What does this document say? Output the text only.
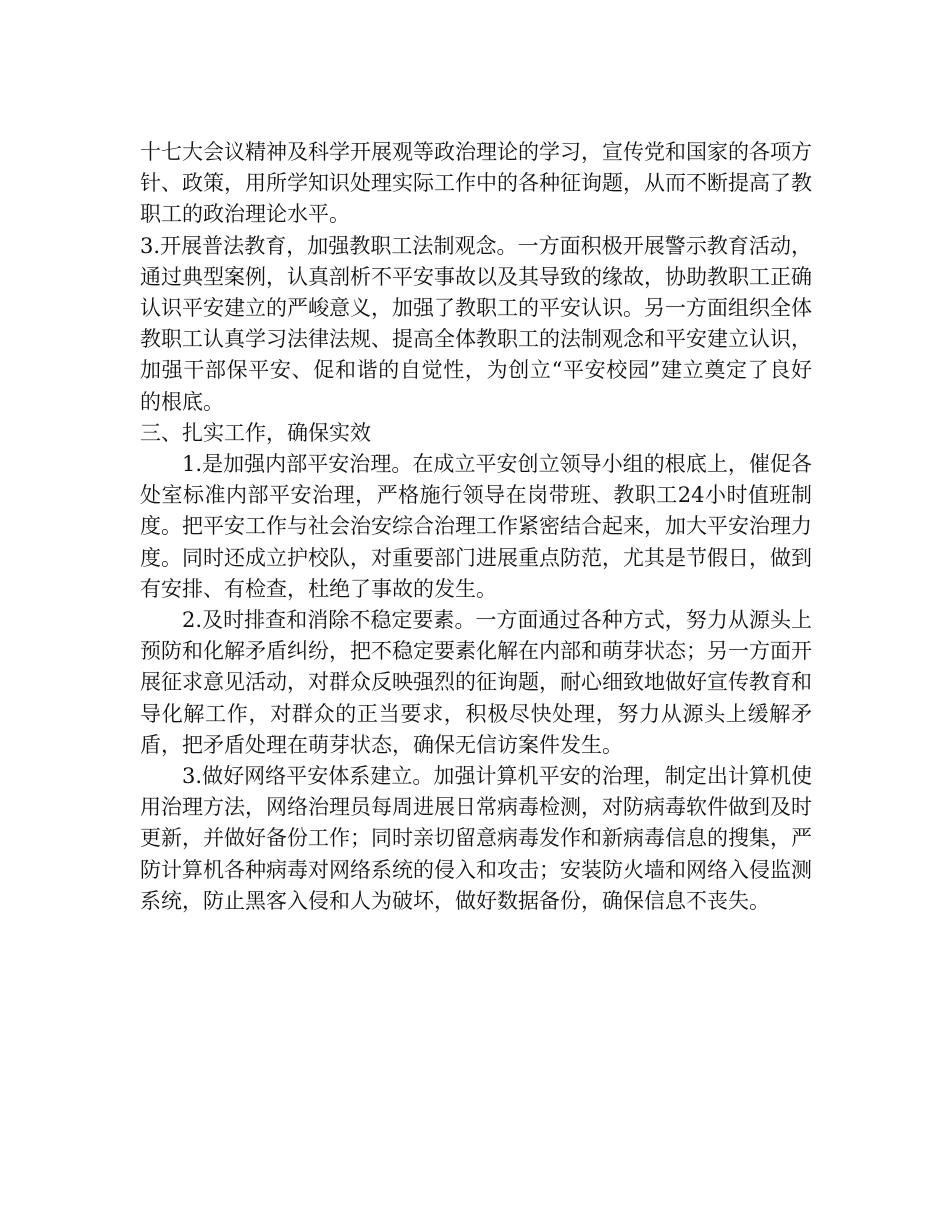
十七大会议精神及科学开展观等政治理论的学习，宣传党和国家的各项方针、政策，用所学知识处理实际工作中的各种征询题，从而不断提高了教职工的政治理论水平。

3.开展普法教育，加强教职工法制观念。一方面积极开展警示教育活动，通过典型案例，认真剖析不平安事故以及其导致的缘故，协助教职工正确认识平安建立的严峻意义，加强了教职工的平安认识。另一方面组织全体教职工认真学习法律法规、提高全体教职工的法制观念和平安建立认识，加强干部保平安、促和谐的自觉性，为创立“平安校园”建立奠定了良好的根底。

三、扎实工作，确保实效

1.是加强内部平安治理。在成立平安创立领导小组的根底上，催促各处室标准内部平安治理，严格施行领导在岗带班、教职工24小时值班制度。把平安工作与社会治安综合治理工作紧密结合起来，加大平安治理力度。同时还成立护校队，对重要部门进展重点防范，尤其是节假日，做到有安排、有检查，杜绝了事故的发生。

2.及时排查和消除不稳定要素。一方面通过各种方式，努力从源头上预防和化解矛盾纠纷，把不稳定要素化解在内部和萌芽状态；另一方面开展征求意见活动，对群众反映强烈的征询题，耐心细致地做好宣传教育和导化解工作，对群众的正当要求，积极尽快处理，努力从源头上缓解矛盾，把矛盾处理在萌芽状态，确保无信访案件发生。

3.做好网络平安体系建立。加强计算机平安的治理，制定出计算机使用治理方法，网络治理员每周进展日常病毒检测，对防病毒软件做到及时更新，并做好备份工作；同时亲切留意病毒发作和新病毒信息的搜集，严防计算机各种病毒对网络系统的侵入和攻击；安装防火墙和网络入侵监测系统，防止黑客入侵和人为破坏，做好数据备份，确保信息不丧失。
